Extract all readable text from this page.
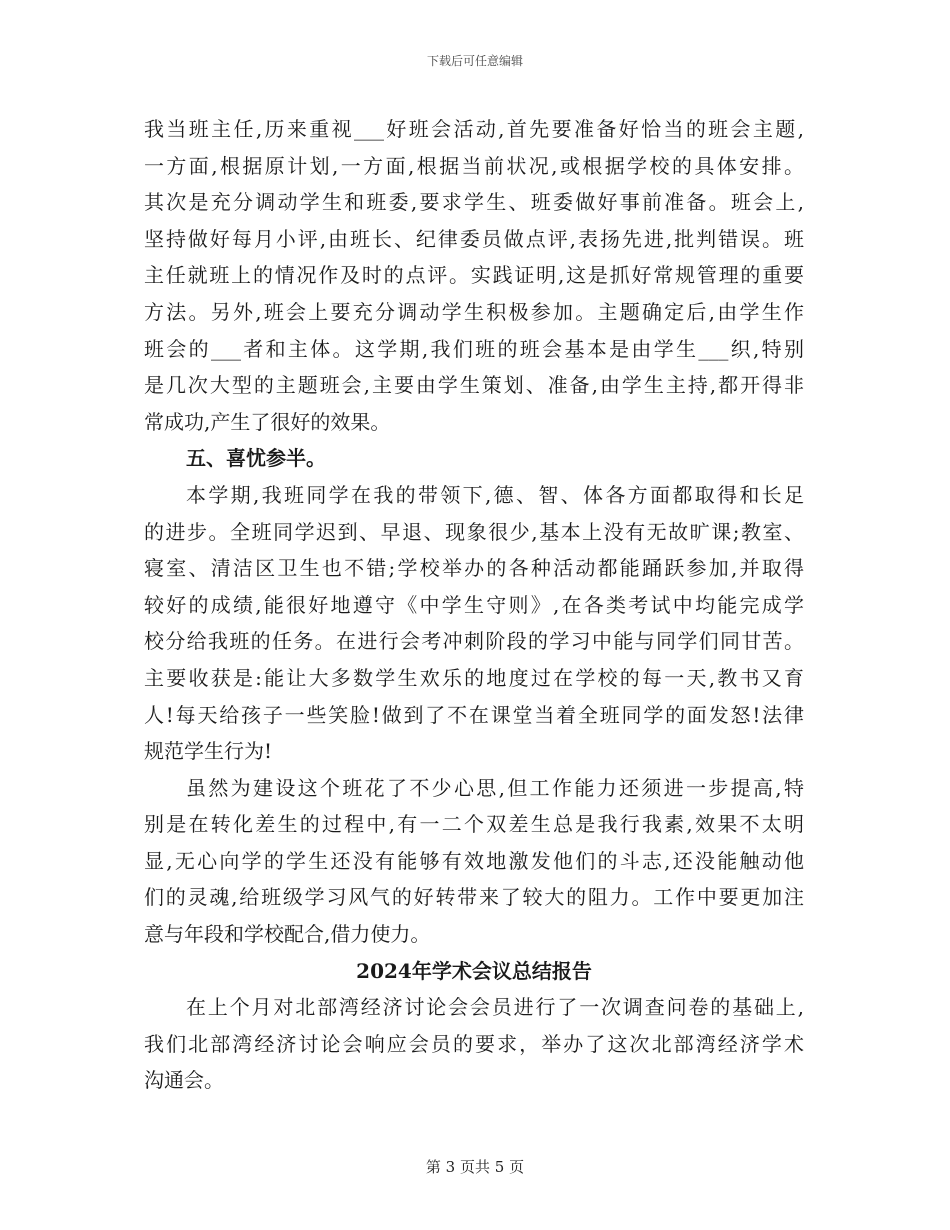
下载后可任意编辑
我当班主任,历来重视___好班会活动,首先要准备好恰当的班会主题,
一方面,根据原计划,一方面,根据当前状况,或根据学校的具体安排。
其次是充分调动学生和班委,要求学生、班委做好事前准备。班会上,
坚持做好每月小评,由班长、纪律委员做点评,表扬先进,批判错误。班
主任就班上的情况作及时的点评。实践证明,这是抓好常规管理的重要
方法。另外,班会上要充分调动学生积极参加。主题确定后,由学生作
班会的___者和主体。这学期,我们班的班会基本是由学生___织,特别
是几次大型的主题班会,主要由学生策划、准备,由学生主持,都开得非
常成功,产生了很好的效果。
五、喜忧参半。
本学期,我班同学在我的带领下,德、智、体各方面都取得和长足
的进步。全班同学迟到、早退、现象很少,基本上没有无故旷课;教室、
寝室、清洁区卫生也不错;学校举办的各种活动都能踊跃参加,并取得
较好的成绩,能很好地遵守《中学生守则》,在各类考试中均能完成学
校分给我班的任务。在进行会考冲刺阶段的学习中能与同学们同甘苦。
主要收获是:能让大多数学生欢乐的地度过在学校的每一天,教书又育
人!每天给孩子一些笑脸!做到了不在课堂当着全班同学的面发怒!法律
规范学生行为!
虽然为建设这个班花了不少心思,但工作能力还须进一步提高,特
别是在转化差生的过程中,有一二个双差生总是我行我素,效果不太明
显,无心向学的学生还没有能够有效地激发他们的斗志,还没能触动他
们的灵魂,给班级学习风气的好转带来了较大的阻力。工作中要更加注
意与年段和学校配合,借力使力。
2024年学术会议总结报告
在上个月对北部湾经济讨论会会员进行了一次调查问卷的基础上,
我们北部湾经济讨论会响应会员的要求，举办了这次北部湾经济学术
沟通会。
第 3 页共 5 页
